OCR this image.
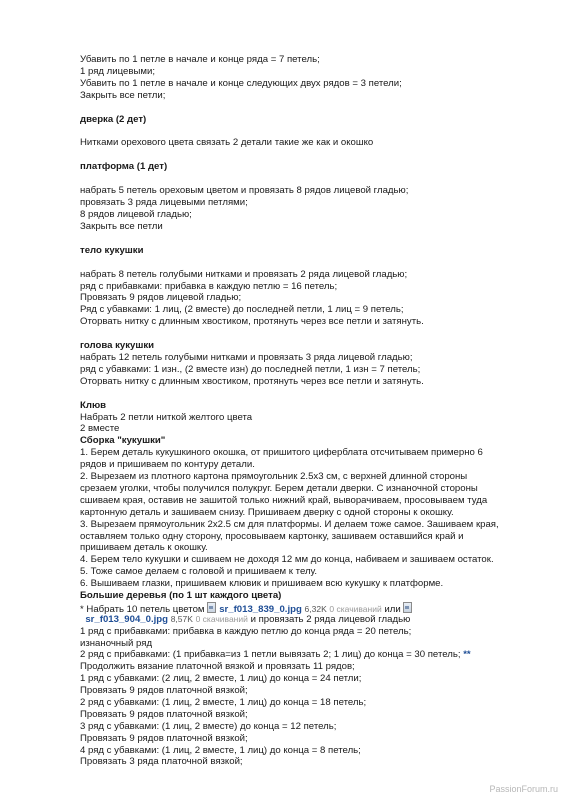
Убавить по 1 петле в начале и конце ряда = 7 петель;
1 ряд лицевыми;
Убавить по 1 петле в начале и конце следующих двух рядов = 3 петели;
Закрыть все петли;
дверка (2 дет)
Нитками орехового цвета связать 2 детали такие же как и окошко
платформа (1 дет)
набрать 5 петель ореховым цветом и провязать 8 рядов лицевой гладью;
провязать 3 ряда лицевыми петлями;
8 рядов лицевой гладью;
Закрыть все петли
тело кукушки
набрать 8 петель голубыми нитками и провязать 2 ряда лицевой гладью;
ряд с прибавками: прибавка в каждую петлю = 16 петель;
Провязать 9 рядов лицевой гладью;
Ряд с убавками: 1 лиц, (2 вместе) до последней петли, 1 лиц = 9 петель;
Оторвать нитку с длинным хвостиком, протянуть через все петли и затянуть.
голова кукушки
набрать 12 петель голубыми нитками и провязать 3 ряда лицевой гладью;
ряд с убавками: 1 изн., (2 вместе изн) до последней петли, 1 изн = 7 петель;
Оторвать нитку с длинным хвостиком, протянуть через все петли и затянуть.
Клюв
Набрать 2 петли ниткой желтого цвета
2 вместе
Сборка "кукушки"
1. Берем деталь кукушкиного окошка, от пришитого циферблата отсчитываем примерно 6
рядов и пришиваем по контуру детали.
2. Вырезаем из плотного картона прямоугольник 2.5х3 см, с верхней длинной стороны
срезаем уголки, чтобы получился полукруг. Берем детали дверки. С изнаночной стороны
сшиваем края, оставив не зашитой только нижний край, выворачиваем, просовываем туда
картонную деталь и зашиваем снизу. Пришиваем дверку с одной стороны к окошку.
3. Вырезаем прямоугольник 2х2.5 см для платформы. И делаем тоже самое. Зашиваем края,
оставляем только одну сторону, просовываем картонку, зашиваем оставшийся край и
пришиваем деталь к окошку.
4. Берем тело кукушки и сшиваем не доходя 12 мм до конца, набиваем и зашиваем остаток.
5. Тоже самое делаем с головой и пришиваем к телу.
6. Вышиваем глазки, пришиваем клювик и пришиваем всю кукушку к платформе.
Большие деревья (по 1 шт каждого цвета)
* Набрать 10 петель цветом sr_f013_839_0.jpg 6,32K 0 скачиваний или
sr_f013_904_0.jpg 8,57K 0 скачиваний и провязать 2 ряда лицевой гладью
1 ряд с прибавками: прибавка в каждую петлю до конца ряда = 20 петель;
изнаночный ряд
2 ряд с прибавками: (1 прибавка=из 1 петли вывязать 2; 1 лиц) до конца = 30 петель; **
Продолжить вязание платочной вязкой и провязать 11 рядов;
1 ряд с убавками: (2 лиц, 2 вместе, 1 лиц) до конца = 24 петли;
Провязать 9 рядов платочной вязкой;
2 ряд с убавками: (1 лиц, 2 вместе, 1 лиц) до конца = 18 петель;
Провязать 9 рядов платочной вязкой;
3 ряд с убавками: (1 лиц, 2 вместе) до конца = 12 петель;
Провязать 9 рядов платочной вязкой;
4 ряд с убавками: (1 лиц, 2 вместе, 1 лиц) до конца = 8 петель;
Провязать 3 ряда платочной вязкой;
PassionForum.ru
